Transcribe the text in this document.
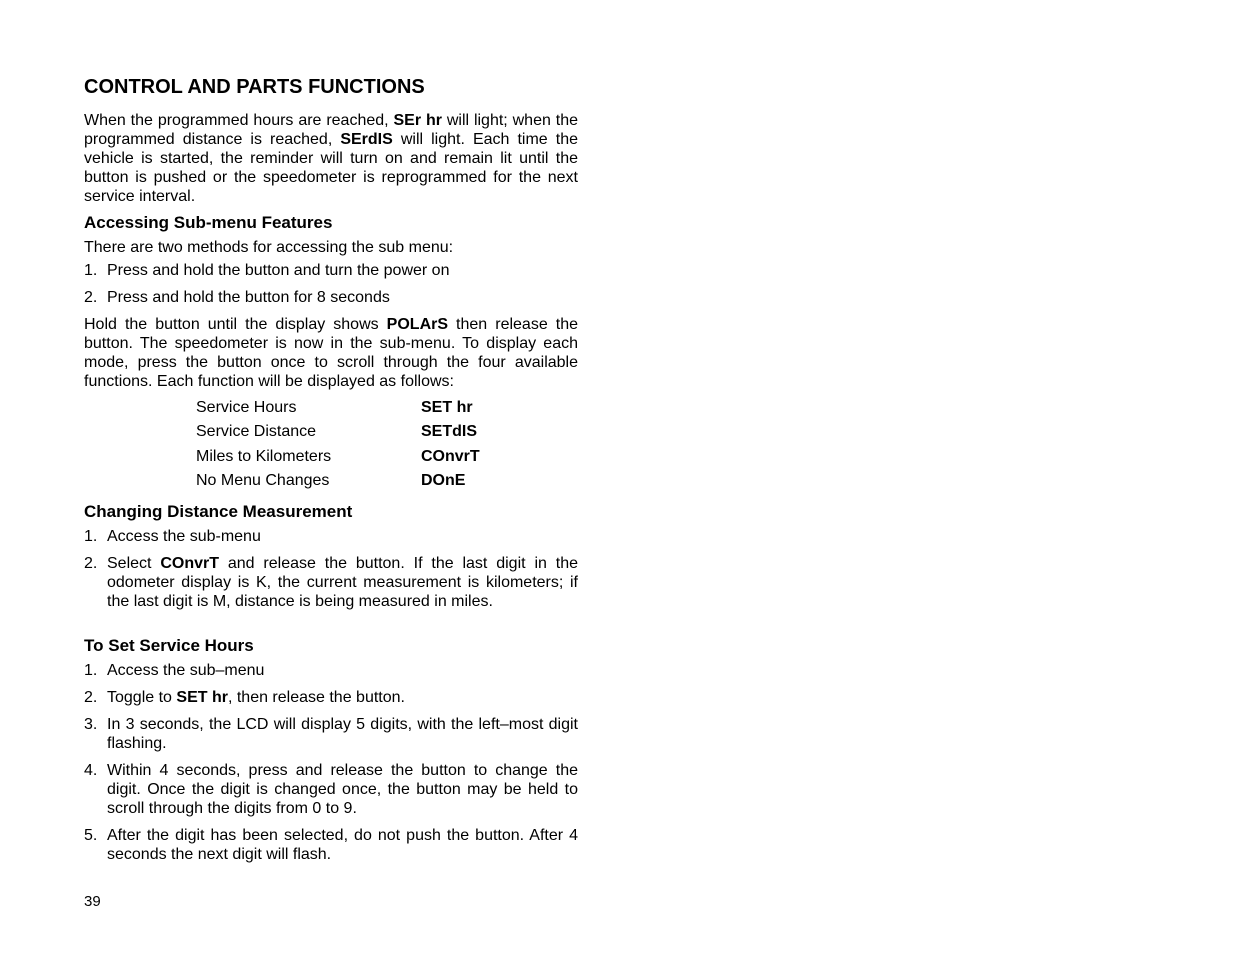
CONTROL AND PARTS FUNCTIONS

When the programmed hours are reached, SEr hr will light; when the programmed distance is reached, SErdIS will light. Each time the vehicle is started, the reminder will turn on and remain lit until the button is pushed or the speedometer is reprogrammed for the next service interval.

Accessing Sub-menu Features

There are two methods for accessing the sub menu:

1. Press and hold the button and turn the power on
2. Press and hold the button for 8 seconds

Hold the button until the display shows POLArS then release the button. The speedometer is now in the sub-menu. To display each mode, press the button once to scroll through the four available functions. Each function will be displayed as follows:

Service Hours	SET hr
Service Distance	SETdIS
Miles to Kilometers	COnvrT
No Menu Changes	DOnE
Changing Distance Measurement
1. Access the sub-menu
2. Select COnvrT and release the button. If the last digit in the odometer display is K, the current measurement is kilometers; if the last digit is M, distance is being measured in miles.
To Set Service Hours
1. Access the sub–menu
2. Toggle to SET hr, then release the button.
3. In 3 seconds, the LCD will display 5 digits, with the left–most digit flashing.
4. Within 4 seconds, press and release the button to change the digit. Once the digit is changed once, the button may be held to scroll through the digits from 0 to 9.
5. After the digit has been selected, do not push the button. After 4 seconds the next digit will flash.
39
